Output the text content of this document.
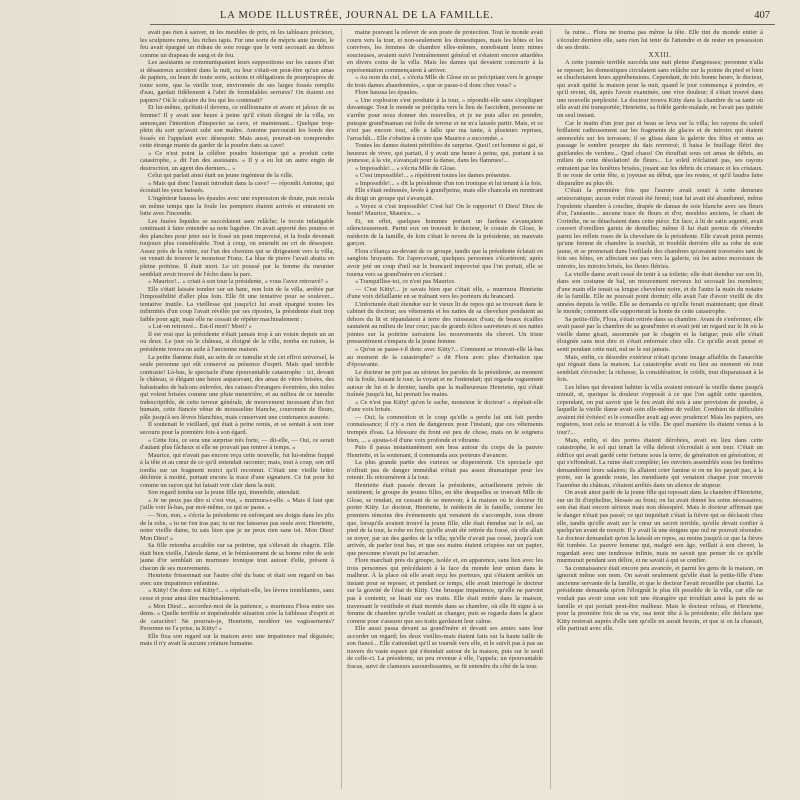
LA MODE ILLUSTRÉE, JOURNAL DE LA FAMILLE.	407

avait pas rien à sauver, ni les meubles de prix, ni les tableaux précieux, les sculptures rares, les riches tapis. Fur une sorte de mépris ante inouïe, le feu avait épargné un rideau de soie rouge que le vent secouait au dehors comme un drapeau de sang et de feu.

Les assistants se communiquaient leurs suppositions sur les causes d'un si désastreux accident dans la nuit, ou leur s'était-on peut-être qu'un amas de papiers, ou leurs de toute sorts, actions et obligations de pourpoupres de toute sorte, que la vieille tour, environnée de ses larges fossés remplis d'eau, gardait fidèlement à l'abri de formidables serrures? On étaient ces papiers? Où le calcaire du feu qui les contenait?

Et lui-même, qu'était-il devenu, ce millionnaire et avare et jaloux de sa femme? Il y avait une heure à peine qu'il s'était éloigné de la villa, en annonçant l'intention d'inspecter sa cave, et maintenant... Quelque trop-plein du sort qu'avait subi son maître. Antoine parcourait les bords des fossés en l'appelant avec désespoir. Mais aussi, pouvait-on comprendre cette étrange manie de garder de la poudre dans sa cave!

« Ce n'est point la célèbre poudre historique qui a produit cette catastrophe, » dit l'un des assistants. « Il y a eu lui un autre engin de destruction, un agent des derniers... »

Celui qui parlait ainsi était un jeune ingénieur de la ville.

« Mais qui donc l'aurait introduit dans la cave? — répondit Antoine, qui écoutait les yeux baissés.

L'ingénieur haussa les épaules avec une expression de doute, puis recula en même temps que la foule les pompiers étaient arrivés et entraient en lutte avec l'incendie.

Les fusées liquides se succédaient sans relâche; le tocsin infatigable continuait à faire entendre sa note lugubre. On avait apporté des poutres et des planches pour jeter sur le fossé un pont improvisé, et la foule devenait toujours plus considérable. Tout à coup, on entendit un cri de désespoir. Assez près de la ruine, sur l'un des chemins qui se dirigeaient vers la villa, on venait de trouver le monsieur Franz. La blue de pierre l'avait abattu en pleine poitrine. Il était mort. Le cri poussé par la femme du meunier semblait avoir trouvé de l'écho dans la parc.

« Maurice!... » criait à son tour la présidente, « vous l'avez retrouvé? »

Elle s'était laissée tomber sur un banc, non loin de la villa, arrêtée par l'impossibilité d'aller plus loin. Elle fit une tentative pour se soulever... tentative inutile. La vieillesse qui jusqu'ici lui avait épargné toutes les infirmités d'un coup l'avait révélée par ses ripostes, la présidente était trop faible pour agir, mais elle ne cessait de répéter machinalement :

« Lui-on retrouvé... Est-il mort? Mort? »

Il est vrai que la présidente n'était jamais trop à un voisin depuis un an ou deux. Le jour où le château, si éloigné de la ville, tomba en ruines, la présidente trouva un asile à l'ancienne maison.

La petite flamme était, au sein de ce tumulte et de cet effroi universel, la seule personne qui eût conservé sa présence d'esprit. Mais quel terrible contraste! Là-bas, le spectacle d'une épouvantable catastrophe : ici, devant le château, si élégant une heure auparavant, des amas de vitres brisées, des balustrades de balcons enlevées, des caisses d'orangers éventrées, des tuiles qui volent brisées comme une pluie meurtrière, et au milieu de ce tumulte indescriptible, de cette terreur générale, de mouvement incessant d'un fiot humain, cette fiancée vêtue de mousseline blanche, couronnée de fleurs, pâle jusqu'à ses lèvres blanchies, mais conservant une contenance assurée.

Il soutenait le vieillard, qui était à peine remis, et se sentait à son tour secouru pour la première fois à son égard.

« Cette fois, ce sera une surprise très forte, — dit-elle, — Oui, ce serait d'autant plus fâcheux si elle ne pouvait pas rentrer à temps. »

Maurice, qui n'avait pas encore reçu cette nouvelle, fut lui-même frappé à la tête et au cœur de ce qu'il entendait raconter; mais, tout à coup, son œil tomba sur un fragment noirci qu'il reconnut. C'était une vieille lettre déchirée à moitié, portant encore la trace d'une signature. Ce fut pour lui comme un rayon qui lui faisait voir clair dans la nuit.

Son regard tomba sur la jeune fille qui, immobile, attendait.

« Je ne peux pas dire si c'est vrai, » murmura-t-elle. « Mais il faut que j'aille voir là-bas, par moi-même, ce qui se passe. »

— Non, non, » s'écria la présidente en enfonçant ses doigts dans les plis de la robe, « tu ne t'en iras pas; tu ne me laisseras pas seule avec Henriette, notre vieille dame, tu sais bien que je ne peux rien sans toi. Mon Dieu! Mon Dieu! »

Sa fille retomba accablée sur sa poitrine, qui s'élevait de chagrin. Elle était bien vieille, l'aïeule dame, et le frémissement de sa bonne robe de soie jaune d'or semblait un murmure ironique tout autour d'elle, présent à chacun de ses mouvements.

Henriette frissonnait sur l'autre côté du banc et était son regard en bas avec une impatience enfantine.

« Kitty! On donc est Kitty?... » répétait-elle, les lèvres tremblantes, sans cesse et pour ainsi dire machinalement.

« Mon Dieu!... accordez-moi de la patience, » murmura Flora entre ses dents. « Quelle terrible et impénétrable situation crée la faiblesse d'esprit et de caractère! Ne pourrais-je, Henriette, modérer tes vagissements? Personne ne l'a prise, ta Kitty! »

Elle fixa son regard sur la maison avec une impatience mal déguisée; mais il n'y avait là aucune créature humaine.

maine pouvant la relever de son poste de protection. Tout le monde avait couru vers la tour, et non-seulement les domestiques, mais les hôtes et les convives, les femmes de chambre elles-mêmes, nonobstant leurs mines soucieuses, avaient suivi l'entraînement général et s'étaient encore attardées en divers coins de la villa. Mais les dames qui devaient concourir à la représentation commençaient à arriver.

« Au nom du ciel, » s'écria Mlle de Glose en se précipitant vers le groupe de trois dames abandonnées, « que se passe-t-il donc chez vous? »

Flore haussa les épaules.

« Une explosion s'est produite à la tour, » répondit-elle sans s'expliquer davantage. Tout le monde se précipita vers le lieu de l'accident, personne ne s'arrête pour nous donner des nouvelles, et je ne puis aller en prendre, puisque grand'maman est folle de terreur et ne m'a laissée partir. Mais, et ce n'est pas encore tout, elle a fallu que ma tante, à plusieurs reprises, l'arrachât... Elle s'obstine à croire que Maurice a succombé. »

Toutes les dames étaient pétrifiées de surprise. Quoi! cet homme si gai, si heureux de vivre, qui partait, il y avait une heure à peine, qui, portant à sa jeunesse, à la vie, s'avançait pour la danse, dans les flammes!...

« Impossible!... » s'écria Mlle de Glose.

« C'est impossible!... » répétèrent toutes les dames présentes.

« Impossible!... » dit la présidente d'un ton ironique et lui tenant à la fois.

Elle s'était redressée, levée à grand'peine, mais elle chancela en montrant du doigt un groupe qui s'avançait.

« Voyez si c'est impossible! C'est lui! On le rapporte! O Dieu! Dieu de bonté! Maurice, Maurice... »

Et, en effet, quelques hommes portant un fardeau s'avançaient silencieusement. Parmi eux on trouvait le docteur, le cousin de Glose, le médecin de la famille, de loin c'était le neveu de la présidente, un mauvais garçon.

Flora s'élança au-devant de ce groupe, tandis que la présidente éclatait en sanglots bruyants. En l'apercevant, quelques personnes s'écartèrent; après avoir jeté un coup d'œil sur le brancard improvisé que l'on portait, elle se tourna vers sa grand'mère en s'écriant :

« Tranquillise-toi, ce n'est pas Maurice.

— C'est Kitty!... je savais bien que c'était elle, » murmura Henriette d'une voix défaillante en se traînant vers les porteurs du brancard.

L'infortunée était étendue sur le vieux lit de repos qui se trouvait dans le cabinet du docteur; ses vêtements et les nattes de sa chevelure pendaient au dehors du lit et répandaient à terre des ruisseaux d'eau; de beaux écailles sautaient au milieu de leur cour; pas de grands échos sauveteurs et ses nattes jointes sur la poitrine suivaient les mouvements du chevet. Un triste pressentiment s'empara de la jeune femme.

« Qu'on se passe-t-il donc avec Kitty?... Comment se trouvait-elle là-bas au moment de la catastrophe? » dit Flora avec plus d'irritation que d'épouvante.

Le docteur ne prit pas au sérieux les paroles de la présidente, au moment où la foule, faisant le tour, la voyait et ne l'entendait; qui regarda vaguement autour de lui et le dernier, tandis que la malheureuse Henriette, qui s'était traînée jusqu'à lui, lui prenait les mains.

« Ce n'est pas Kitty! qu'on le sache, monsieur le docteur! » répétait-elle d'une voix brisée.

— Oui; la commotion et le coup qu'elle a perdu lui ont fait perdre connaissance; il n'y a rien de dangereux pour l'instant, que ces vêtements trempés d'eau. La blessure du front est peu de chose, mais on le soignera bien, ... » ajouta-t-il d'une voix profonde et vibrante.

Puis il passa instantanément son bras autour du corps de la pauvre Henriette, et la soutenant, il commanda aux porteurs d'avancer.

La plus grande partie des curieux se dispersèrent. Un spectacle qui n'offrait pas de danger immédiat n'était pas assez dramatique pour les retenir. Ils retournèrent à la tour.

Henriette était passée devant la présidente, actuellement privée de sentiment; le groupe de jeunes filles, en tête desquelles se trouvait Mlle de Glose, se rendait, en cessant de se mouvoir, à la maison où le docteur fit porter Kitty. Le docteur, Henriette, le médecin de la famille, comme les premiers témoins des événements qui venaient de s'accomplir, tous dirent que, lorsqu'ils avaient trouvé la jeune fille, elle était étendue sur le sol, au pied de la tour, la robe en feu; qu'elle avait été retirée du fossé, où elle allait se noyer, par un des gardes de la villa; qu'elle n'avait pas cessé, jusqu'à son arrivée, de parler tout bas, et que ses mains étaient crispées sur un papier, que personne n'avait pu lui arracher.

Flore marchait près du groupe, isolée et, en apparence, sans lien avec les trois personnes qui précédaient à la face du monde leur union dans le malheur. À la place où elle avait reçu les porteurs, qui s'étaient arrêtés un instant pour se reposer, et pendant ce temps, elle avait interrogé le docteur sur la gravité de l'état de Kitty. Une brusque impatience, qu'elle ne parvint pas à contenir, se lisait sur ses traits. Elle était entrée dans la maison, traversant le vestibule et était montée dans sa chambre, où elle fit signe à sa femme de chambre qu'elle voulait se changer, puis se regarda dans la glace comme pour s'assurer que ses traits gardaient leur calme.

Elle aussi passa devant sa grand'mère et devant ses amies sans leur accorder un regard; les deux vieilles-mais étaient faits sur la haute taille de son fiancé... Elle s'attendait qu'il se tournât vers elle, et le suivît pas à pas au travers du vaste espace qui s'étendait autour de la maison, puis sur le seuil de celle-ci. La présidente, un peu revenue à elle, l'appela; un épouvantable fracas, suivi de clameurs assourdissantes, se fit entendre du côté de la tour.

la ruine... Flora ne tourna pas même la tête. Elle tint du monde entier à s'écouler derrière elle, sans rien lui tenir de l'attendre et de rester en possession de ses droits.

XXIII.

A cette journée terrible succéda une nuit pleine d'angoisses; personne n'alla se reposer; les domestiques circulaient sans relâche sur la pointe du pied et bien se chuchotaient leurs appréhensions. Cependant, de très bonne heure, le docteur, qui avait quitté la maison pour la nuit, quand le jour commença à poindre, et qu'il revint, dit, après l'avoir examinée, une vive douleur; il s'était trouvé dans une nouvelle perplexité. Le docteur trouva Kitty dans la chambre de sa tante où elle avait été transportée; Henriette, sa fidèle garde-malade, ne l'avait pas quittée un seul instant.

Car le matin d'un jour pur et beau se leva sur la villa; les rayons du soleil brillaient radieusement sur les fragments de glaces et de miroirs qui étaient amoncelés sur les terrasses; il se glissa dans la galerie des fêtes et entra au passage le sombre pourpre du dais renversé; il baisa le feuillage flétri des guirlandes de verdure... Quel chaos! On étouffait sous cet amas de débris, au milieu de cette désolation! de fleurs... Le soleil n'éclairait pas, ses rayons entraient par les fenêtres brisées, jouant sur les débris de cristaux et les cristaux. Il ne reste de cette fête, si joyeuse au début, que les restes, et qu'il faudra faire disparaître au plus tôt.

C'était la première fois que l'aurore avait souri à cette demeure aristocratique; aucun volet n'avait été fermé; tout lui avait été abandonné, même l'opulente chambre à coucher, drapée de damas de soie blanche avec ses fleurs d'or, l'anéantie... aucune trace de fleurs et d'or, meubles anciens, le chant de Corinthe, ne se détachaient dans cette pièce. En face, à lit de satin argenté, avait couvert d'oreillers garnis de dentelles; même il lui était permis de s'étendre parmi les reflets roses de la chevelure de la présidente. Elle s'avait point permis qu'une femme de chambre la touchât, ni troublât derrière elle sa robe de soie jaune, et se promenait dans l'enfilade des chambres qu'avaient traversées tant de fois ses hôtes, en affectant ses pas vers la galerie, où les autres morceaux de miroirs, les miroirs brisés, les fleurs flétries.

La vieille dame avait cessé de tenir à sa toilette; elle était étendue sur son lit, dans son costume de bal, un mouvement nerveux lui secouait les membres; d'une main elle tenait sa longue chevelure noire, et de l'autre la main du notaire de la famille. Elle ne pouvait point dormir; elle avait l'air d'avoir vieilli de dix années depuis la veille. Elle se demanda ce qu'elle ferait maintenant; que dirait le monde; comment elle supporterait la honte de cette catastrophe.

Sa petite-fille, Flora, s'était retirée dans sa chambre. Avant de s'enfermer, elle avait passé par la chambre de sa grand'mère et avait jeté un regard sur le lit où la vieille dame gisait, assommée par le chagrin et la fatigue; puis elle s'était éloignée sans mot dire et s'était enfermée chez elle. Ce qu'elle avait pensé et senti pendant cette nuit, nul ne le sut jamais.

Mais, enfin, ce désordre extérieur n'était qu'une image affaiblie de l'anarchie qui régnait dans la maison. La catastrophe avait eu lieu au moment où tout semblait s'écrouler; la richesse, la considération, le crédit, tout disparaissait à la fois.

Les hôtes qui devaient habiter la villa avaient entouré la vieille dame jusqu'à minuit, et, quoique la douleur s'opposât à ce que l'on agitât cette question, cependant, on put savoir que le feu avait été mis à une provision de poudre, à laquelle la vieille dame avait soin elle-même de veiller. Combien de difficultés avaient été évitées! et le conseiller avait agi avec prudence! Mais les papiers, ses registres, tout cela se trouvait à la ville. De quel manière ils étaient venus à la tour?...

Mais, enfin, si des portes étaient dérobées, avait eu lieu dans cette catastrophe, le sol qui tenait la villa debout s'écroulait à son tour. C'était un édifice qui avait gardé cette fortune sous la terre, de génération en génération, et qui s'effondrait. La ruine était complète; les ouvriers assemblés sous les fenêtres demandèrent leurs salaires; ils allaient crier famine si on ne les payait pas; à la porte, sur la grande route, les mendiants qui venaient chaque jour recevoir l'aumône du château, s'étaient arrêtés dans un silence de stupeur.

On avait ainsi parlé de la jeune fille qui reposait dans la chambre d'Henriette, sur un lit d'orpheline, blessée au front; on lui avait donné les soins nécessaires; son état était encore sérieux mais non désespéré. Mais le docteur affirmait que le danger n'était pas passé; ce qui inquiétait c'était la fièvre qui se déclarait chez elle, tandis qu'elle avait sur le cœur un secret terrible, qu'elle devait confier à quelqu'un avant de mourir. Il y avait là une énigme que nul ne pouvait résoudre. Le docteur demandait qu'on la laissât en repos, au moins jusqu'à ce que la fièvre fût tombée. Le pauvre homme qui, malgré son âge, veillait à son chevet, la regardait avec une tendresse infinie, mais ne savait que penser de ce qu'elle murmurait pendant son délire, et ne savait à qui se confier.

Sa connaissance était encore peu avancée, et parmi les gens de la maison, on ignorait même son nom. On savait seulement qu'elle était la petite-fille d'une ancienne servante de la famille, et que le docteur l'avait recueillie par charité. La présidente demanda qu'on l'éloignât le plus tôt possible de la villa, car elle ne voulait pas avoir sous son toit une étrangère qui troublait ainsi la paix de sa famille et qui portait peut-être malheur. Mais le docteur refusa, et Henriette, pour la première fois de sa vie, osa tenir tête à la présidente; elle déclara que Kitty resterait auprès d'elle tant qu'elle en aurait besoin, et que si on la chassait, elle partirait avec elle.
